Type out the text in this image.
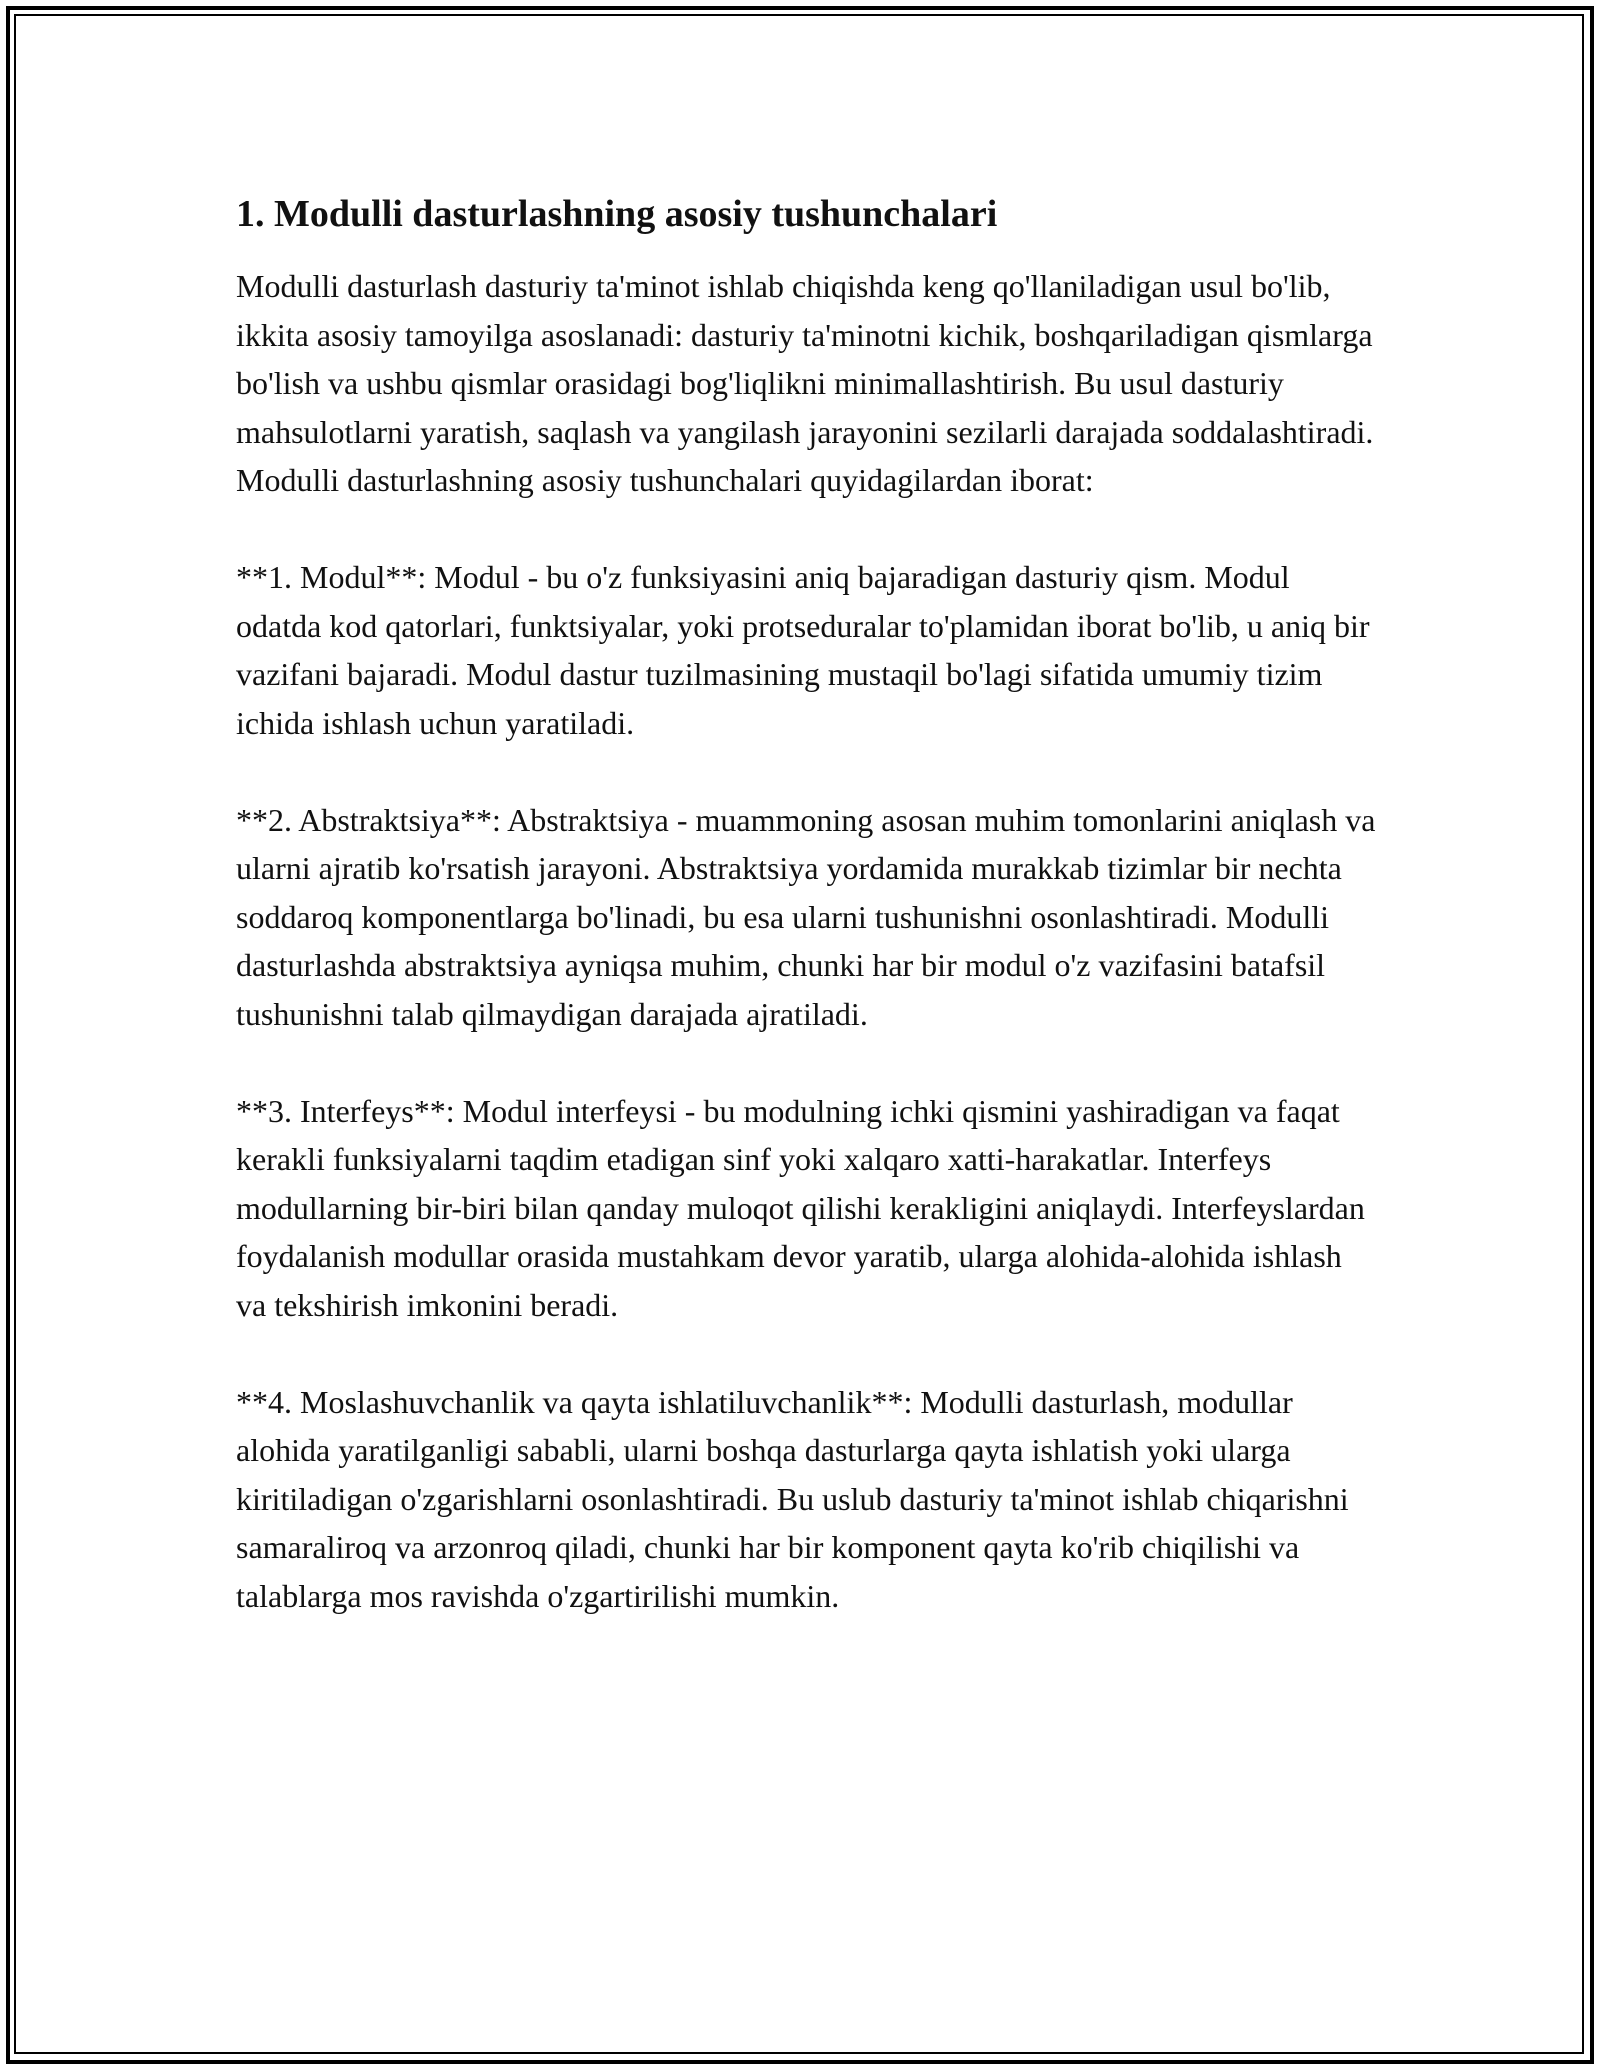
1. Modulli dasturlashning asosiy tushunchalari

Modulli dasturlash dasturiy ta'minot ishlab chiqishda keng qo'llaniladigan usul bo'lib, ikkita asosiy tamoyilga asoslanadi: dasturiy ta'minotni kichik, boshqariladigan qismlarga bo'lish va ushbu qismlar orasidagi bog'liqlikni minimallashtirish. Bu usul dasturiy mahsulotlarni yaratish, saqlash va yangilash jarayonini sezilarli darajada soddalashtiradi. Modulli dasturlashning asosiy tushunchalari quyidagilardan iborat:

**1. Modul**: Modul - bu o'z funksiyasini aniq bajaradigan dasturiy qism. Modul odatda kod qatorlari, funktsiyalar, yoki protseduralar to'plamidan iborat bo'lib, u aniq bir vazifani bajaradi. Modul dastur tuzilmasining mustaqil bo'lagi sifatida umumiy tizim ichida ishlash uchun yaratiladi.

**2. Abstraktsiya**: Abstraktsiya - muammoning asosan muhim tomonlarini aniqlash va ularni ajratib ko'rsatish jarayoni. Abstraktsiya yordamida murakkab tizimlar bir nechta soddaroq komponentlarga bo'linadi, bu esa ularni tushunishni osonlashtiradi. Modulli dasturlashda abstraktsiya ayniqsa muhim, chunki har bir modul o'z vazifasini batafsil tushunishni talab qilmaydigan darajada ajratiladi.

**3. Interfeys**: Modul interfeysi - bu modulning ichki qismini yashiradigan va faqat kerakli funksiyalarni taqdim etadigan sinf yoki xalqaro xatti-harakatlar. Interfeys modullarning bir-biri bilan qanday muloqot qilishi kerakligini aniqlaydi. Interfeyslardan foydalanish modullar orasida mustahkam devor yaratib, ularga alohida-alohida ishlash va tekshirish imkonini beradi.

**4. Moslashuvchanlik va qayta ishlatiluvchanlik**: Modulli dasturlash, modullar alohida yaratilganligi sababli, ularni boshqa dasturlarga qayta ishlatish yoki ularga kiritiladigan o'zgarishlarni osonlashtiradi. Bu uslub dasturiy ta'minot ishlab chiqarishni samaraliroq va arzonroq qiladi, chunki har bir komponent qayta ko'rib chiqilishi va talablarga mos ravishda o'zgartirilishi mumkin.
